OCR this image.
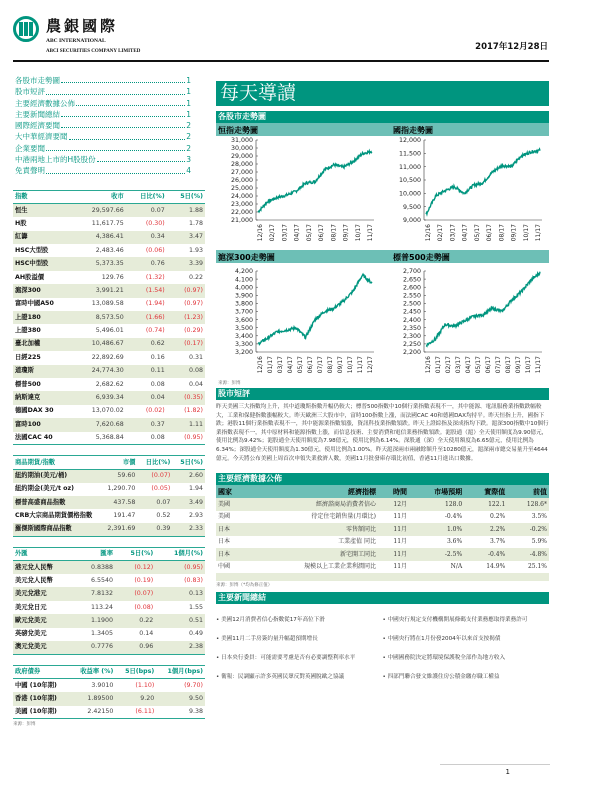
農銀國際
ABC INTERNATIONAL
ABCI SECURITIES COMPANY LIMITED	2017年12月28日
各股市走勢圖	1
股市短評	1
主要經濟數據公佈	1
主要新聞總結	1
國際經濟要聞	2
大中華經濟要聞	2
企業要聞	2
中港兩地上市的H股股份	3
免責聲明	4
每天導讀
指數	收市	日比(%)	5日(%)
恒生	29,597.66	0.07	1.88
H股	11,617.75	(0.30)	1.78
紅籌	4,386.41	0.34	3.47
HSC大型股	2,483.46	(0.06)	1.93
HSC中型股	5,373.35	0.76	3.39
AH股溢價	129.76	(1.32)	0.22
滬深300	3,991.21	(1.54)	(0.97)
富時中國A50	13,089.58	(1.94)	(0.97)
上證180	8,573.50	(1.66)	(1.23)
上證380	5,496.01	(0.74)	(0.29)
臺北加權	10,486.67	0.62	(0.17)
日經225	22,892.69	0.16	0.31
道瓊斯	24,774.30	0.11	0.08
標普500	2,682.62	0.08	0.04
納斯達克	6,939.34	0.04	(0.35)
德國DAX 30	13,070.02	(0.02)	(1.82)
富時100	7,620.68	0.37	1.11
法國CAC 40	5,368.84	0.08	(0.95)
商品期貨/指數	市價	日比(%)	5日(%)
紐約期油(美元/桶)	59.60	(0.07)	2.60
紐約期金(美元/t oz)	1,290.70	(0.05)	1.94
標普高盛商品指數	437.58	0.07	3.49
CRB大宗商品期貨價格指數	191.47	0.52	2.93
羅傑斯國際商品指數	2,391.69	0.39	2.33
外匯	匯率	5日(%)	1個月(%)
港元兌人民幣	0.8388	(0.12)	(0.95)
美元兌人民幣	6.5540	(0.19)	(0.83)
美元兌港元	7.8132	(0.07)	0.13
美元兌日元	113.24	(0.08)	1.55
歐元兌美元	1.1900	0.22	0.51
英磅兌美元	1.3405	0.14	0.49
澳元兌美元	0.7776	0.96	2.38
政府債券	收益率 (%)	5日(bps)	1個月(bps)
中國 (10年期)	3.9010	(1.10)	(9.70)
香港 (10年期)	1.89500	9.20	9.50
美國 (10年期)	2.42150	(6.11)	9.38
來源：彭博
各股市走勢圖
恒指走勢圖
31,000
30,000
29,000
28,000
27,000
26,000
25,000
24,000
23,000
22,000
21,000
12/16 02/17 03/17 04/17 05/17 06/17 08/17 09/17 10/17 11/17
國指走勢圖
12,000
11,500
11,000
10,500
10,000
9,500
9,000
12/16 02/17 03/17 04/17 05/17 06/17 08/17 09/17 10/17 11/17
滬深300走勢圖
4,200
4,100
4,000
3,900
3,800
3,700
3,600
3,500
3,400
3,300
3,200
12/16 01/17 03/17 04/17 05/17 06/17 07/17 08/17 09/17 10/17 11/17 12/17
標普500走勢圖
2,700
2,650
2,600
2,550
2,500
2,450
2,400
2,350
2,300
2,250
2,200
12/16 01/17 02/17 03/17 04/17 05/17 06/17 07/17 08/17 09/17 10/17 11/17
來源：彭博
股市短評
昨天美國三大指數均上升，其中道瓊斯指數升幅仍較大；標普500指數中10個行業指數表現不一，其中能源、電訊服務業指數跌幅較大，工業和保健指數漲幅較大。昨天歐洲三大股市中，富時100指數上漲，而法國CAC 40和德國DAX均持平。昨天恒指上升，國指下跌；港股11個行業指數表現不一，其中能源業指數領漲，資訊科技業指數領跌。昨天上證綜指及深成指均下跌。滬深300指數中10個行業指數表現不一，其中原材料和能源指數上漲，而信息技術、主要消費和電信業務指數領跌。滬股通（滬）全天使用額度為9.90億元，使用比例為9.42%；滬股通全天使用額度為7.98億元，使用比例為6.14%。深股通（深）全天使用額度為6.65億元，使用比例為6.34%；深股通全天使用額度為1.30億元，使用比例為1.00%。昨天滬深兩市兩融餘額升至10280億元，滬深兩市總交易量升至4644億元。今天將公布美國上周首次申領失業救濟人數，美國11月批發庫存環比初值，香港11月進出口數據。
主要經濟數據公佈
國家	經濟指標	時間	市場預期	實際值	前值
美國	經濟諮商局消費者信心	12月	128.0	122.1	128.6*
美國	待定住宅銷售量(月環比)	11月	-0.4%	0.2%	3.5%
日本	零售額同比	11月	1.0%	2.2%	-0.2%
日本	工業產值 同比	11月	3.6%	3.7%	5.9%
日本	新宅開工同比	11月	-2.5%	-0.4%	-4.8%
中國	規模以上工業企業利潤同比	11月	N/A	14.9%	25.1%
來源：彭博（*均為修正值）
主要新聞總結
• 美國12月消費者信心指數從17年高位下滑
• 美國11月二手房簽約量升幅超預期增長
• 日本央行委員：可能需要考慮是否有必要調整利率水平
• 衛報：民調顯示許多英國民眾反對英國脫歐之協議
• 中國央行規定支付機構開展條碼支付業務應取得業務許可
• 中國央行將在1月份發2004年以來首支按揭債
• 中國國務院決定將環境保護稅全部作為地方收入
• 四部門聯合發文維護住房公積金繳存職工權益
1
